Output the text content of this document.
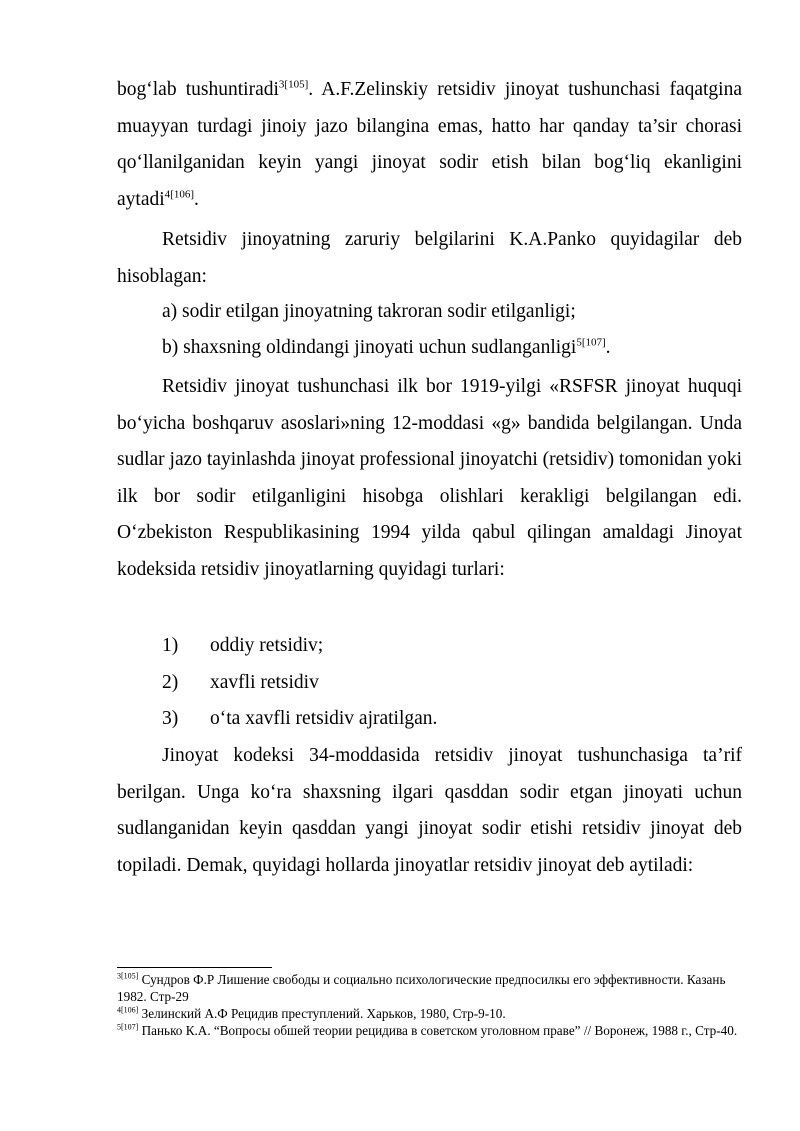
bog‘lab tushuntiradi$^{3[105]}$. A.F.Zelinskiy retsidiv jinoyat tushunchasi faqatgina muayyan turdagi jinoiy jazo bilangina emas, hatto har qanday ta’sir chorasi qo‘llanilganidan keyin yangi jinoyat sodir etish bilan bog‘liq ekanligini aytadi$^{4[106]}$.

Retsidiv jinoyatning zaruriy belgilarini K.A.Panko quyidagilar deb hisoblagan:

a) sodir etilgan jinoyatning takroran sodir etilganligi;
b) shaxsning oldindangi jinoyati uchun sudlanganligi$^{5[107]}$.

Retsidiv jinoyat tushunchasi ilk bor 1919-yilgi «RSFSR jinoyat huquqi bo‘yicha boshqaruv asoslari»ning 12-moddasi «g» bandida belgilangan. Unda sudlar jazo tayinlashda jinoyat professional jinoyatchi (retsidiv) tomonidan yoki ilk bor sodir etilganligini hisobga olishlari kerakligi belgilangan edi. O‘zbekiston Respublikasining 1994 yilda qabul qilingan amaldagi Jinoyat kodeksida retsidiv jinoyatlarning quyidagi turlari:

1) oddiy retsidiv;
2) xavfli retsidiv
3) o‘ta xavfli retsidiv ajratilgan.

Jinoyat kodeksi 34-moddasida retsidiv jinoyat tushunchasiga ta’rif berilgan. Unga ko‘ra shaxsning ilgari qasddan sodir etgan jinoyati uchun sudlanganidan keyin qasddan yangi jinoyat sodir etishi retsidiv jinoyat deb topiladi. Demak, quyidagi hollarda jinoyatlar retsidiv jinoyat deb aytiladi:

$^{3[105]}$ Сундров Ф.Р Лишение свободы и социально психологические предпосилкы его эффективности. Казань 1982. Стр-29

$^{4[106]}$ Зелинский А.Ф Рецидив преступлений. Харьков, 1980, Стр-9-10.

$^{5[107]}$ Панько К.А. “Вопросы обшей теории рецидива в советском уголовном праве” // Воронеж, 1988 г., Стр-40.
